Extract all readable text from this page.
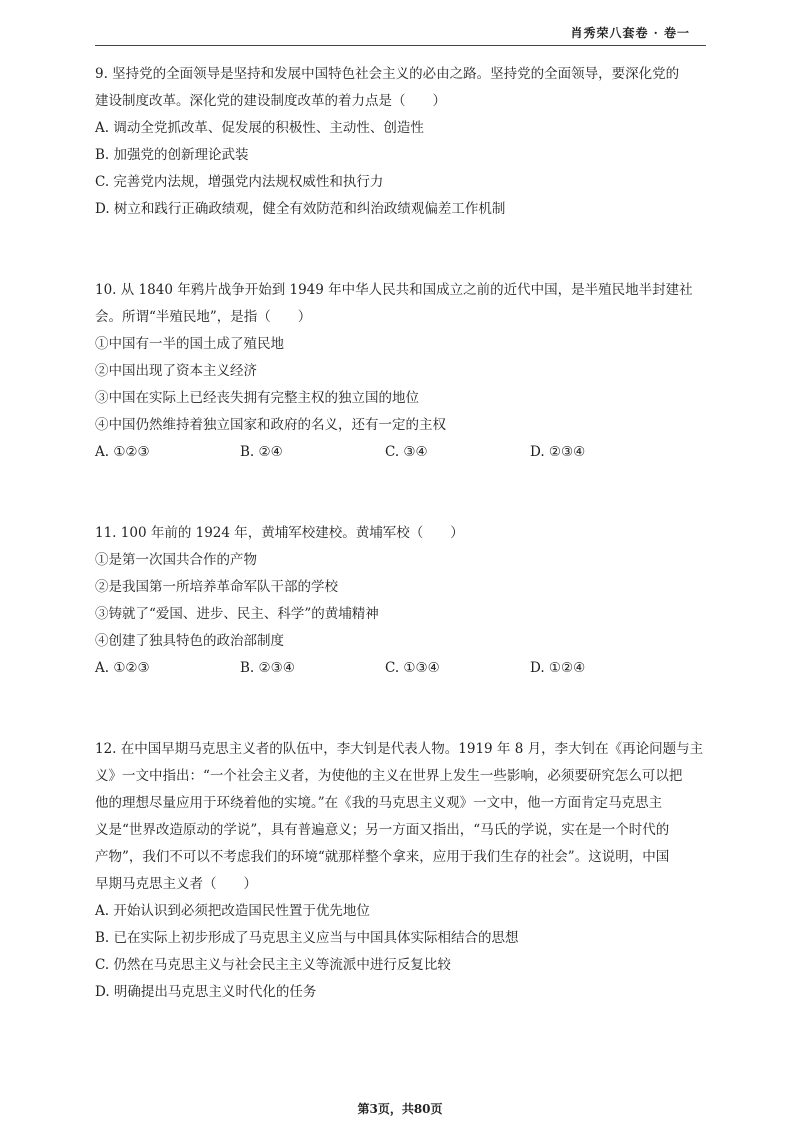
肖秀荣八套卷 · 卷一
9. 坚持党的全面领导是坚持和发展中国特色社会主义的必由之路。坚持党的全面领导，要深化党的
建设制度改革。深化党的建设制度改革的着力点是（　　）
A. 调动全党抓改革、促发展的积极性、主动性、创造性
B. 加强党的创新理论武装
C. 完善党内法规，增强党内法规权威性和执行力
D. 树立和践行正确政绩观，健全有效防范和纠治政绩观偏差工作机制
10. 从 1840 年鸦片战争开始到 1949 年中华人民共和国成立之前的近代中国，是半殖民地半封建社
会。所谓“半殖民地”，是指（　　）
①中国有一半的国土成了殖民地
②中国出现了资本主义经济
③中国在实际上已经丧失拥有完整主权的独立国的地位
④中国仍然维持着独立国家和政府的名义，还有一定的主权
A. ①②③	B. ②④	C. ③④	D. ②③④
11. 100 年前的 1924 年，黄埔军校建校。黄埔军校（　　）
①是第一次国共合作的产物
②是我国第一所培养革命军队干部的学校
③铸就了“爱国、进步、民主、科学”的黄埔精神
④创建了独具特色的政治部制度
A. ①②③	B. ②③④	C. ①③④	D. ①②④
12. 在中国早期马克思主义者的队伍中，李大钊是代表人物。1919 年 8 月，李大钊在《再论问题与主
义》一文中指出：“一个社会主义者，为使他的主义在世界上发生一些影响，必须要研究怎么可以把
他的理想尽量应用于环绕着他的实境。”在《我的马克思主义观》一文中，他一方面肯定马克思主
义是“世界改造原动的学说”，具有普遍意义；另一方面又指出，“马氏的学说，实在是一个时代的
产物”，我们不可以不考虑我们的环境“就那样整个拿来，应用于我们生存的社会”。这说明，中国
早期马克思主义者（　　）
A. 开始认识到必须把改造国民性置于优先地位
B. 已在实际上初步形成了马克思主义应当与中国具体实际相结合的思想
C. 仍然在马克思主义与社会民主主义等流派中进行反复比较
D. 明确提出马克思主义时代化的任务
第3页，共80页
